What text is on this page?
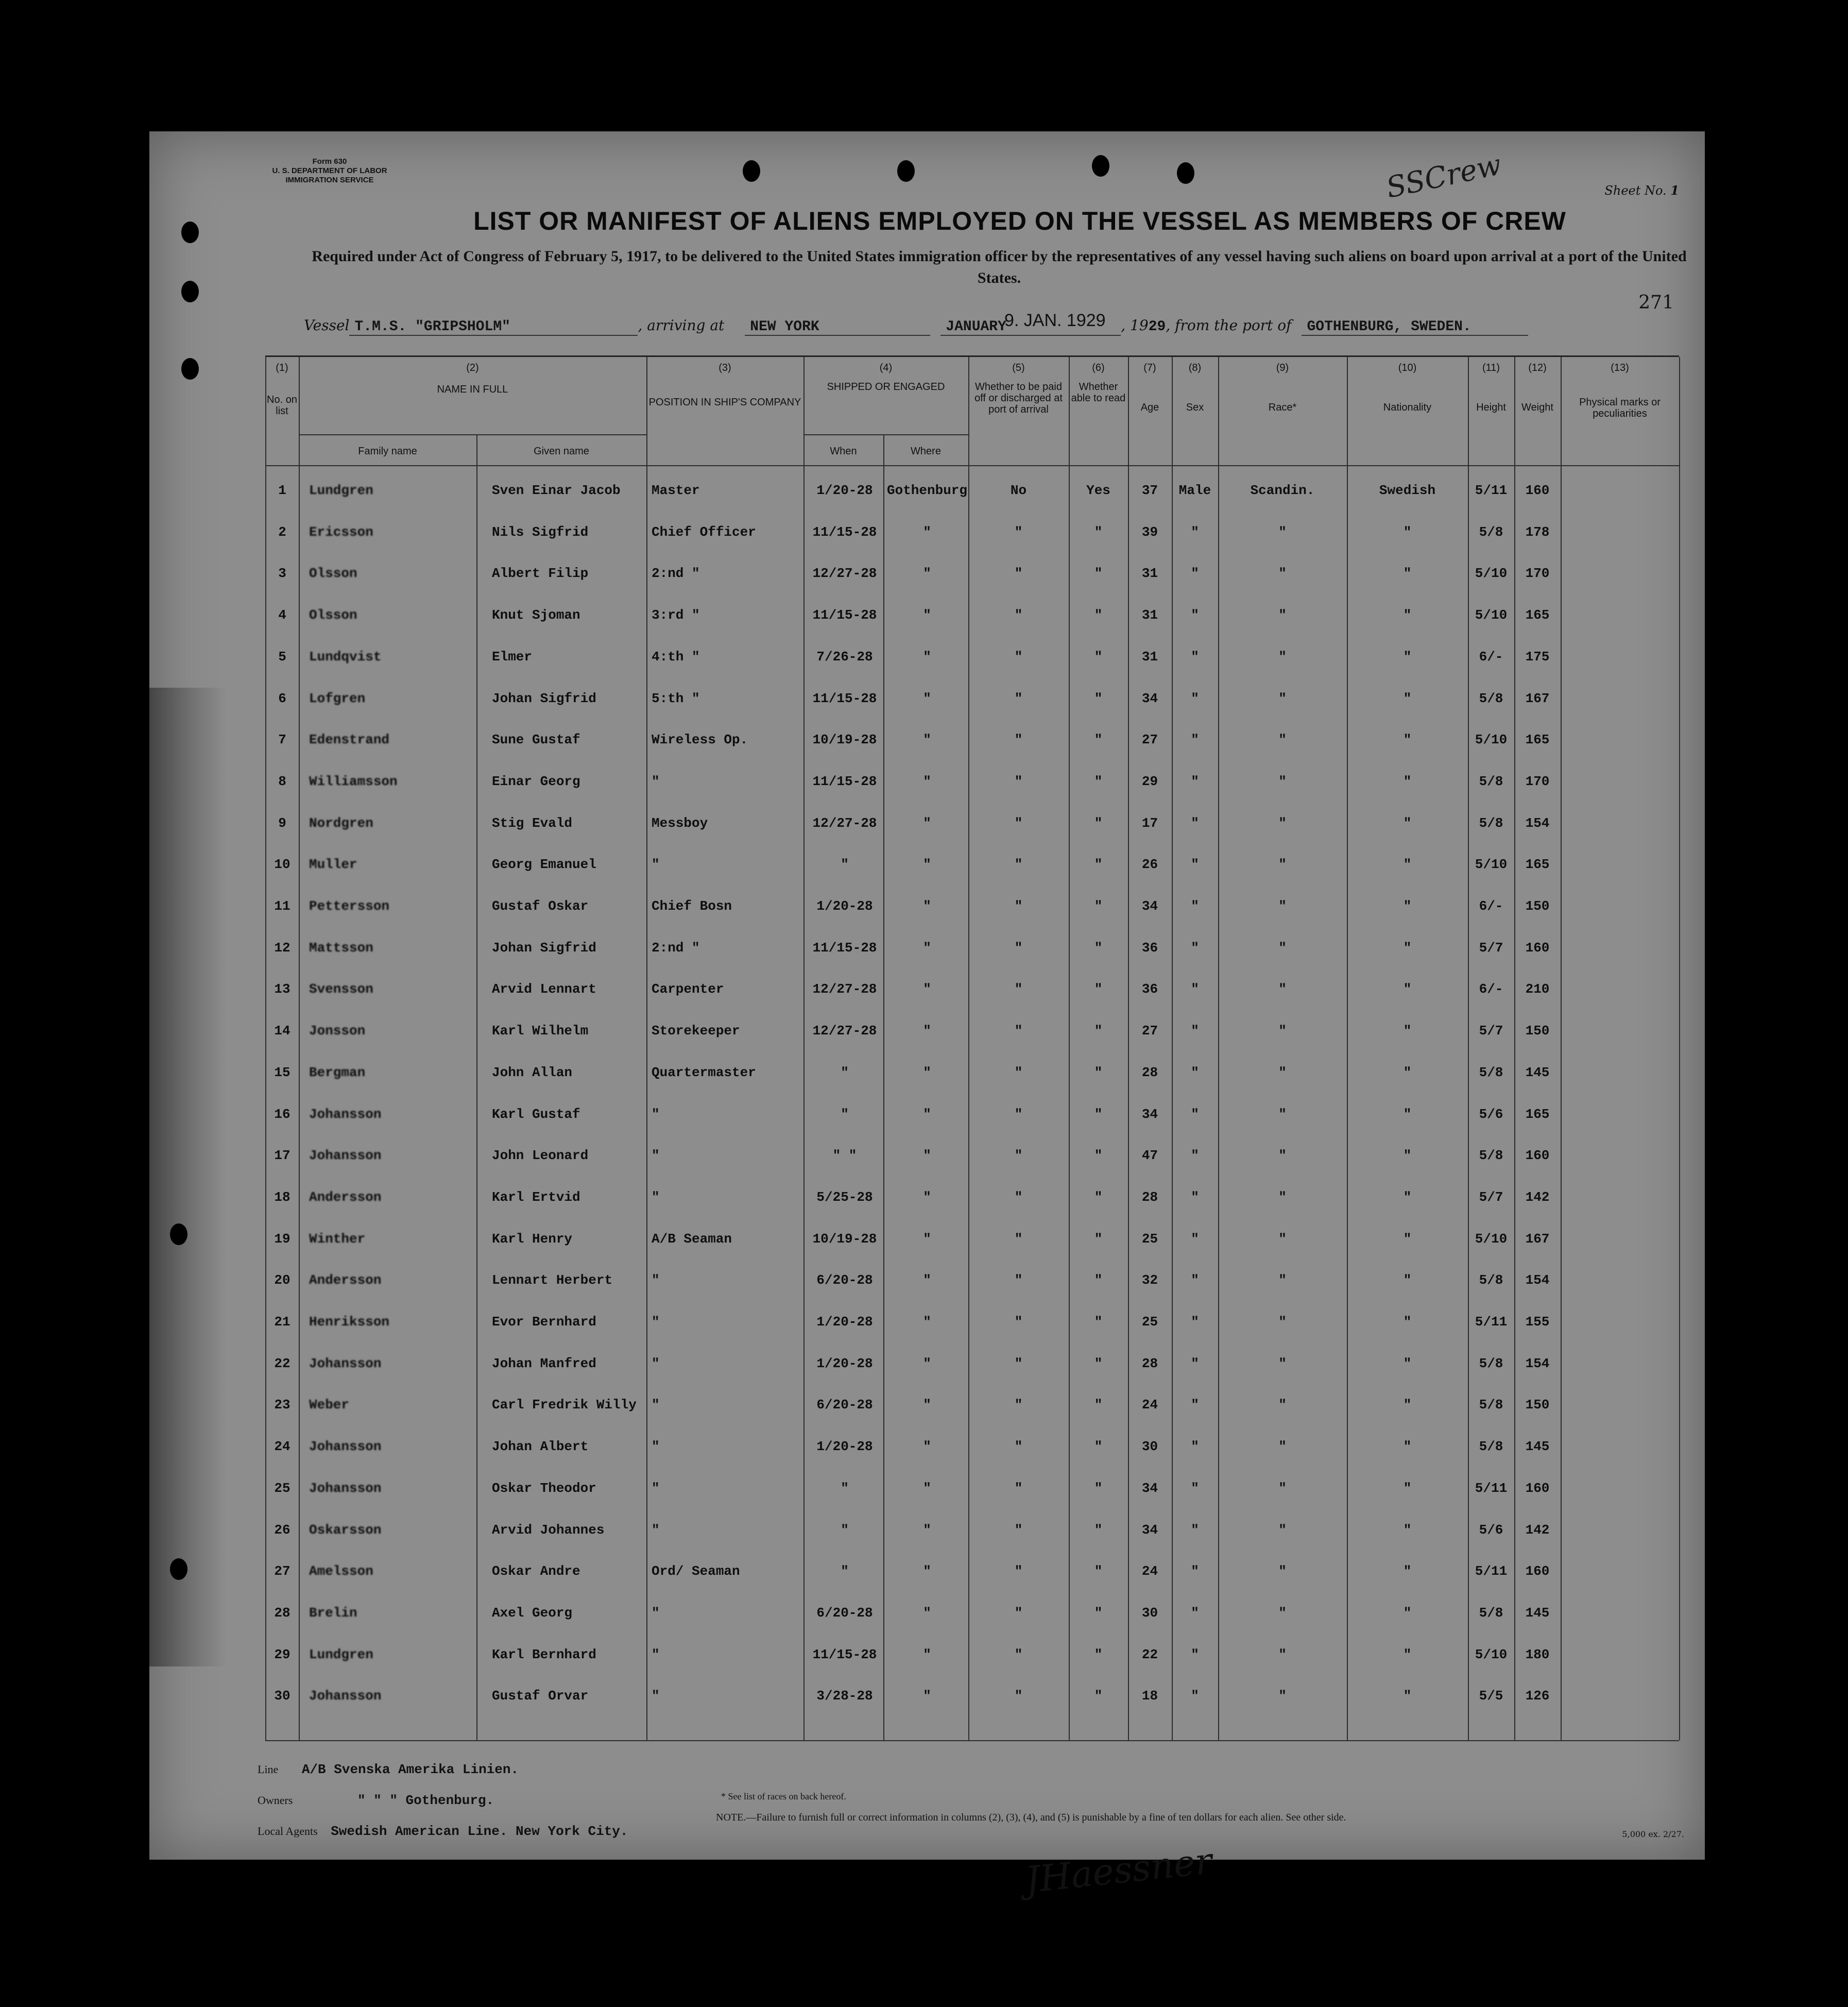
Form 630
U. S. DEPARTMENT OF LABOR
IMMIGRATION SERVICE	SSCrew	Sheet No. 1
LIST OR MANIFEST OF ALIENS EMPLOYED ON THE VESSEL AS MEMBERS OF CREW
Required under Act of Congress of February 5, 1917, to be delivered to the United States immigration officer by the representatives of any vessel having such aliens on board upon arrival at a port of the United States.
271
9. JAN. 1929
Vessel T.M.S. "GRIPSHOLM"	, arriving at	NEW YORK	JANUARY	, 19 29 , from the port of	GOTHENBURG, SWEDEN.
(1)
No. on list
(2)
NAME IN FULL
Family name	Given name
(3)
POSITION IN SHIP'S COMPANY
(4)
SHIPPED OR ENGAGED
When	Where
(5)
Whether to be paid off or discharged at port of arrival
(6)
Whether able to read
(7)
Age
(8)
Sex
(9)
Race*
(10)
Nationality
(11)
Height
(12)
Weight
(13)
Physical marks or peculiarities
1	Lundgren	Sven Einar Jacob	Master	1/20-28	Gothenburg	No	Yes	37	Male	Scandin.	Swedish	5/11	160
2	Ericsson	Nils Sigfrid	Chief Officer	11/15-28	"	"	"	39	"	"	"	5/8	178
3	Olsson	Albert Filip	2:nd "	12/27-28	"	"	"	31	"	"	"	5/10	170
4	Olsson	Knut Sjoman	3:rd "	11/15-28	"	"	"	31	"	"	"	5/10	165
5	Lundqvist	Elmer	4:th "	7/26-28	"	"	"	31	"	"	"	6/-	175
6	Lofgren	Johan Sigfrid	5:th "	11/15-28	"	"	"	34	"	"	"	5/8	167
7	Edenstrand	Sune Gustaf	Wireless Op.	10/19-28	"	"	"	27	"	"	"	5/10	165
8	Williamsson	Einar Georg	"	11/15-28	"	"	"	29	"	"	"	5/8	170
9	Nordgren	Stig Evald	Messboy	12/27-28	"	"	"	17	"	"	"	5/8	154
10	Muller	Georg Emanuel	"	"	"	"	"	26	"	"	"	5/10	165
11	Pettersson	Gustaf Oskar	Chief Bosn	1/20-28	"	"	"	34	"	"	"	6/-	150
12	Mattsson	Johan Sigfrid	2:nd "	11/15-28	"	"	"	36	"	"	"	5/7	160
13	Svensson	Arvid Lennart	Carpenter	12/27-28	"	"	"	36	"	"	"	6/-	210
14	Jonsson	Karl Wilhelm	Storekeeper	12/27-28	"	"	"	27	"	"	"	5/7	150
15	Bergman	John Allan	Quartermaster	"	"	"	"	28	"	"	"	5/8	145
16	Johansson	Karl Gustaf	"	"	"	"	"	34	"	"	"	5/6	165
17	Johansson	John Leonard	"	" "	"	"	"	47	"	"	"	5/8	160
18	Andersson	Karl Ertvid	"	5/25-28	"	"	"	28	"	"	"	5/7	142
19	Winther	Karl Henry	A/B Seaman	10/19-28	"	"	"	25	"	"	"	5/10	167
20	Andersson	Lennart Herbert	"	6/20-28	"	"	"	32	"	"	"	5/8	154
21	Henriksson	Evor Bernhard	"	1/20-28	"	"	"	25	"	"	"	5/11	155
22	Johansson	Johan Manfred	"	1/20-28	"	"	"	28	"	"	"	5/8	154
23	Weber	Carl Fredrik Willy	"	6/20-28	"	"	"	24	"	"	"	5/8	150
24	Johansson	Johan Albert	"	1/20-28	"	"	"	30	"	"	"	5/8	145
25	Johansson	Oskar Theodor	"	"	"	"	"	34	"	"	"	5/11	160
26	Oskarsson	Arvid Johannes	"	"	"	"	"	34	"	"	"	5/6	142
27	Amelsson	Oskar Andre	Ord/ Seaman	"	"	"	"	24	"	"	"	5/11	160
28	Brelin	Axel Georg	"	6/20-28	"	"	"	30	"	"	"	5/8	145
29	Lundgren	Karl Bernhard	"	11/15-28	"	"	"	22	"	"	"	5/10	180
30	Johansson	Gustaf Orvar	"	3/28-28	"	"	"	18	"	"	"	5/5	126
Line A/B Svenska Amerika Linien.
Owners	" " " Gothenburg.
Local Agents Swedish American Line. New York City.
* See list of races on back hereof.
NOTE.—Failure to furnish full or correct information in columns (2), (3), (4), and (5) is punishable by a fine of ten dollars for each alien. See other side.
JHaessner
5,000 ex. 2/27.
